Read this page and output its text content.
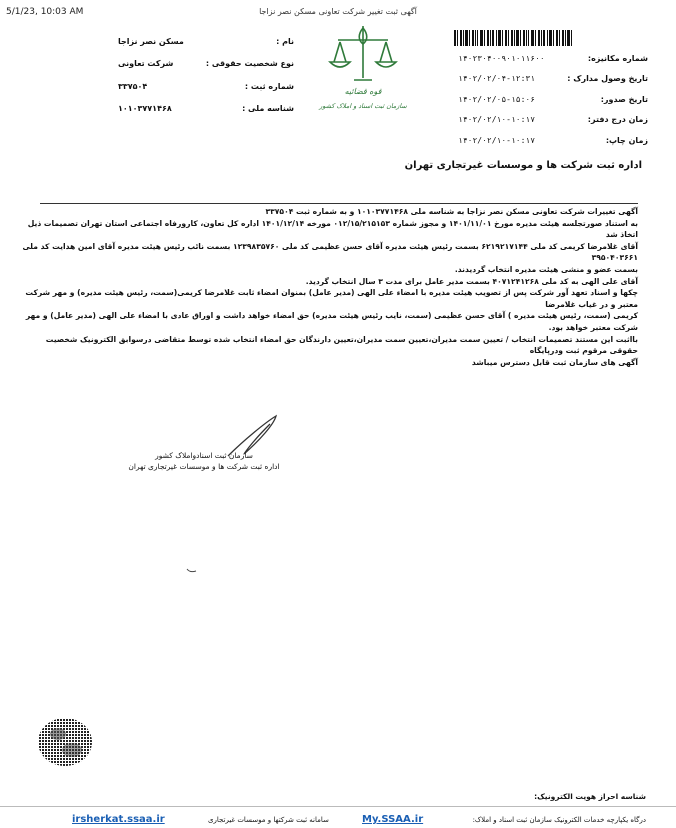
5/1/23, 10:03 AM	آگهی ثبت تغییر شرکت تعاونی مسکن نصر نزاجا
شماره مکانیزه:
۱۴۰۲۳۰۴۰۰۹۰۱۰۱۱۶۰۰
تاریخ وصول مدارک :
۱۴۰۲/۰۲/۰۴-۱۲:۳۱
تاریخ صدور:
۱۴۰۲/۰۲/۰۵-۱۵:۰۶
زمان درج دفتر:
۱۴۰۲/۰۲/۱۰-۱۰:۱۷
زمان چاپ:
۱۴۰۲/۰۲/۱۰-۱۰:۱۷
قوه قضائیه
سازمان ثبت اسناد و املاک کشور
نام :
مسکن نصر نزاجا
نوع شخصیت حقوقی :
شرکت تعاونی
شماره ثبت :
۳۳۷۵۰۴
شناسه ملی :
۱۰۱۰۳۷۷۱۴۶۸
اداره ثبت شرکت ها و موسسات غیرتجاری تهران

آگهی تغییرات شرکت تعاونی مسکن نصر نزاجا به شناسه ملی ۱۰۱۰۳۷۷۱۴۶۸ و به شماره ثبت ۳۳۷۵۰۴

به استناد صورتجلسه هیئت مدیره مورخ ۱۴۰۱/۱۱/۰۱ و مجوز شماره ۰۱۲/۱۵/۲۱۵۱۵۳ مورخه ۱۴۰۱/۱۲/۱۴ اداره کل تعاون، کارورفاه اجتماعی استان تهران تصمیمات ذیل اتخاذ شد

آقای غلامرضا کریمی کد ملی ۶۲۱۹۲۱۷۱۴۴ بسمت رئیس هیئت مدیره آقای حسن عظیمی کد ملی ۱۲۳۹۸۳۵۷۶۰ بسمت نائب رئیس هیئت مدیره آقای امین هدایت کد ملی ۳۹۵۰۴۰۳۶۶۱

بسمت عضو و منشی هیئت مدیره انتخاب گردیدند.

آقای علی الهی به کد ملی ۴۰۷۱۲۴۱۲۶۸ بسمت مدیر عامل برای مدت ۳ سال انتخاب گردید.

چکها و اسناد تعهد آور شرکت پس از تصویب هیئت مدیره با امضاء علی الهی (مدیر عامل) بمنوان امضاء ثابت غلامرضا کریمی(سمت، رئیس هیئت مدیره) و مهر شرکت معتبر و در غیاب غلامرضا

کریمی (سمت، رئیس هیئت مدیره ) آقای حسن عظیمی (سمت، نایب رئیس هیئت مدیره) حق امضاء خواهد داشت و اوراق عادی با امضاء علی الهی (مدیر عامل) و مهر شرکت معتبر خواهد بود.

بااثبت این مستند تصمیمات انتخاب / تعیین سمت مدیران،تعیین سمت مدیران،تعیین دارندگان حق امضاء انتخاب شده توسط متقاضی درسوابق الکترونیک شخصیت حقوقی مرقوم ثبت ودرپایگاه

آگهی های سازمان ثبت قابل دسترس میباشد

سازمان ثبت اسنادواملاک کشور
اداره ثبت شرکت ها و موسسات غیرتجاری تهران
شناسه احراز هویت الکترونیک:
irsherkat.ssaa.ir	سامانه ثبت شرکتها و موسسات غیرتجاری	My.SSAA.ir	درگاه یکپارچه خدمات الکترونیک سازمان ثبت اسناد و املاک:
